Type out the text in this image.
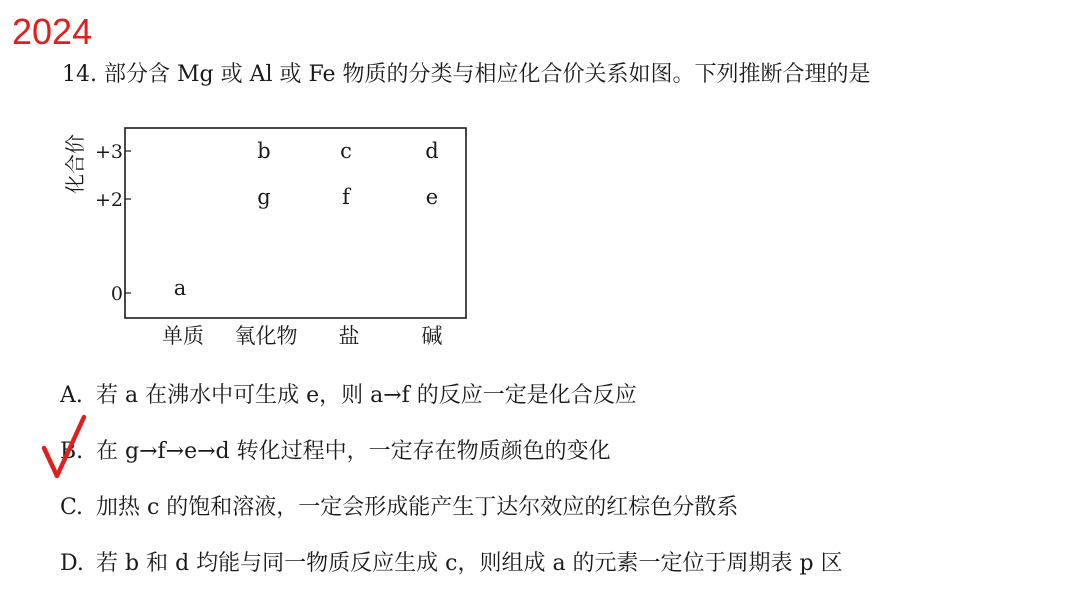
2024
14. 部分含 Mg 或 Al 或 Fe 物质的分类与相应化合价关系如图。下列推断合理的是
化合价 +3
+2
0 a
b	c	d
g	f	e
单质 氧化物 盐	碱
A. 若 a 在沸水中可生成 e，则 a→f 的反应一定是化合反应
B. 在 g→f→e→d 转化过程中，一定存在物质颜色的变化
C. 加热 c 的饱和溶液，一定会形成能产生丁达尔效应的红棕色分散系
D. 若 b 和 d 均能与同一物质反应生成 c，则组成 a 的元素一定位于周期表 p 区
